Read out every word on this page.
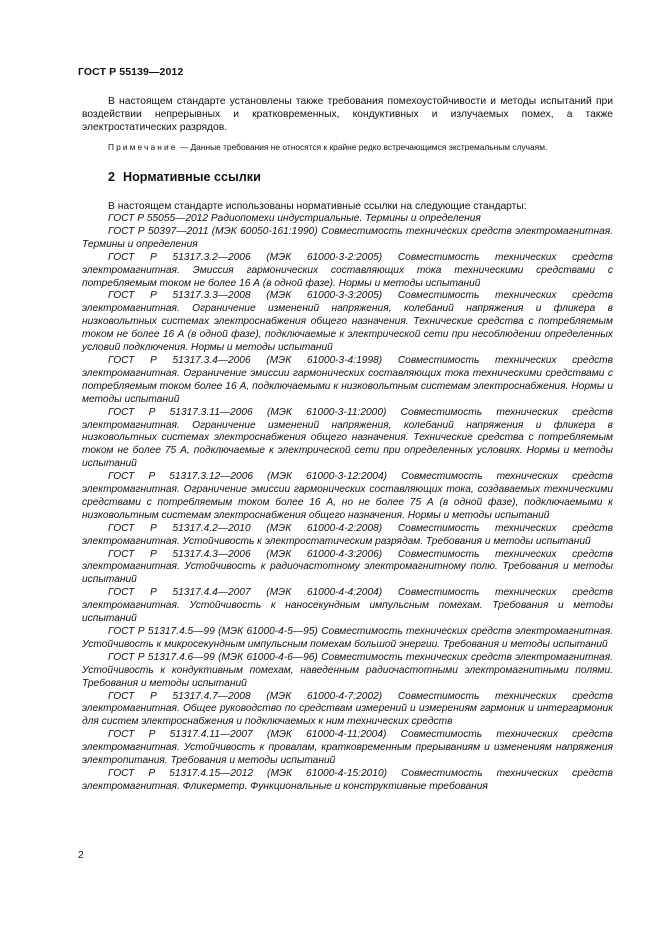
ГОСТ Р 55139—2012

В настоящем стандарте установлены также требования помехоустойчивости и методы испытаний при воздействии непрерывных и кратковременных, кондуктивных и излучаемых помех, а также электростатических разрядов.

Примечание — Данные требования не относятся к крайне редко встречающимся экстремальным случаям.
2 Нормативные ссылки

В настоящем стандарте использованы нормативные ссылки на следующие стандарты:

ГОСТ Р 55055—2012 Радиопомехи индустриальные. Термины и определения

ГОСТ Р 50397—2011 (МЭК 60050-161:1990) Совместимость технических средств электромагнитная. Термины и определения

ГОСТ Р 51317.3.2—2006 (МЭК 61000-3-2:2005) Совместимость технических средств электромагнитная. Эмиссия гармонических составляющих тока техническими средствами с потребляемым током не более 16 А (в одной фазе). Нормы и методы испытаний

ГОСТ Р 51317.3.3—2008 (МЭК 61000-3-3:2005) Совместимость технических средств электромагнитная. Ограничение изменений напряжения, колебаний напряжения и фликера в низковольтных системах электроснабжения общего назначения. Технические средства с потребляемым током не более 16 А (в одной фазе), подключаемые к электрической сети при несоблюдении определенных условий подключения. Нормы и методы испытаний

ГОСТ Р 51317.3.4—2006 (МЭК 61000-3-4:1998) Совместимость технических средств электромагнитная. Ограничение эмиссии гармонических составляющих тока техническими средствами с потребляемым током более 16 А, подключаемыми к низковольтным системам электроснабжения. Нормы и методы испытаний

ГОСТ Р 51317.3.11—2006 (МЭК 61000-3-11:2000) Совместимость технических средств электромагнитная. Ограничение изменений напряжения, колебаний напряжения и фликера в низковольтных системах электроснабжения общего назначения. Технические средства с потребляемым током не более 75 А, подключаемые к электрической сети при определенных условиях. Нормы и методы испытаний

ГОСТ Р 51317.3.12—2006 (МЭК 61000-3-12:2004) Совместимость технических средств электромагнитная. Ограничение эмиссии гармонических составляющих тока, создаваемых техническими средствами с потребляемым током более 16 А, но не более 75 А (в одной фазе), подключаемыми к низковольтным системам электроснабжения общего назначения. Нормы и методы испытаний

ГОСТ Р 51317.4.2—2010 (МЭК 61000-4-2:2008) Совместимость технических средств электромагнитная. Устойчивость к электростатическим разрядам. Требования и методы испытаний

ГОСТ Р 51317.4.3—2006 (МЭК 61000-4-3:2006) Совместимость технических средств электромагнитная. Устойчивость к радиочастотному электромагнитному полю. Требования и методы испытаний

ГОСТ Р 51317.4.4—2007 (МЭК 61000-4-4:2004) Совместимость технических средств электромагнитная. Устойчивость к наносекундным импульсным помехам. Требования и методы испытаний

ГОСТ Р 51317.4.5—99 (МЭК 61000-4-5—95) Совместимость технических средств электромагнитная. Устойчивость к микросекундным импульсным помехам большой энергии. Требования и методы испытаний

ГОСТ Р 51317.4.6—99 (МЭК 61000-4-6—96) Совместимость технических средств электромагнитная. Устойчивость к кондуктивным помехам, наведенным радиочастотными электромагнитными полями. Требования и методы испытаний

ГОСТ Р 51317.4.7—2008 (МЭК 61000-4-7:2002) Совместимость технических средств электромагнитная. Общее руководство по средствам измерений и измерениям гармоник и интергармоник для систем электроснабжения и подключаемых к ним технических средств

ГОСТ Р 51317.4.11—2007 (МЭК 61000-4-11:2004) Совместимость технических средств электромагнитная. Устойчивость к провалам, кратковременным прерываниям и изменениям напряжения электропитания. Требования и методы испытаний

ГОСТ Р 51317.4.15—2012 (МЭК 61000-4-15:2010) Совместимость технических средств электромагнитная. Фликерметр. Функциональные и конструктивные требования

2
